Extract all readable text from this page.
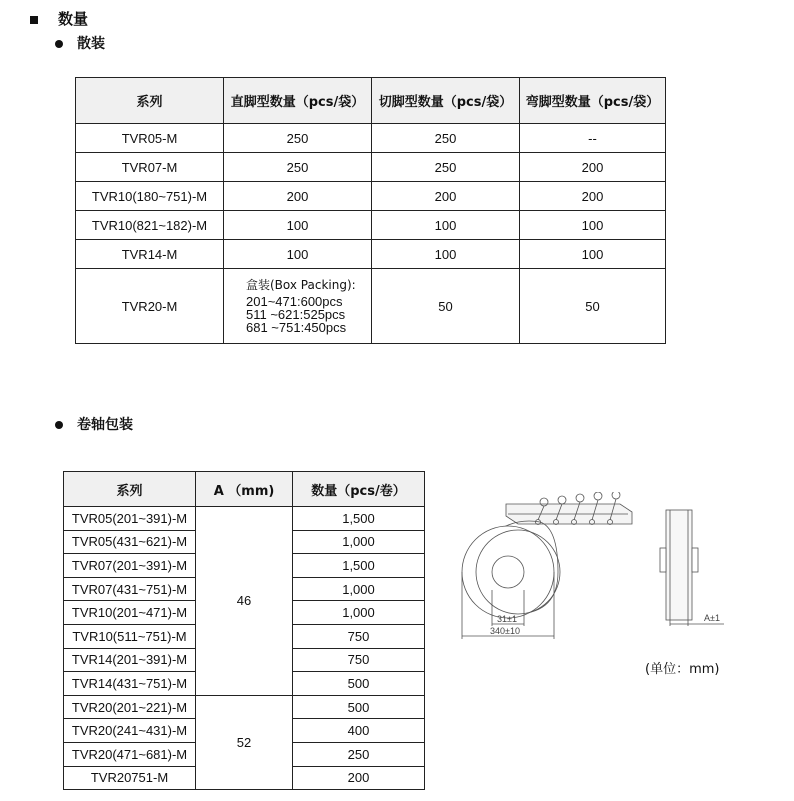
数量
散装
系列	直脚型数量（pcs/袋）	切脚型数量（pcs/袋）	弯脚型数量（pcs/袋）
TVR05-M	250	250	--
TVR07-M	250	250	200
TVR10(180~751)-M	200	200	200
TVR10(821~182)-M	100	100	100
TVR14-M	100	100	100
TVR20-M	盒装(Box Packing):
201~471:600pcs
511 ~621:525pcs
681 ~751:450pcs	50	50
卷轴包装
系列	A （mm)	数量（pcs/卷）
TVR05(201~391)-M	46	1,500
TVR05(431~621)-M		1,000
TVR07(201~391)-M		1,500
TVR07(431~751)-M		1,000
TVR10(201~471)-M		1,000
TVR10(511~751)-M		750
TVR14(201~391)-M		750
TVR14(431~751)-M		500
TVR20(201~221)-M	52	500
TVR20(241~431)-M		400
TVR20(471~681)-M		250
TVR20751-M		200
31±1
340±10
A±1
(单位：mm)
